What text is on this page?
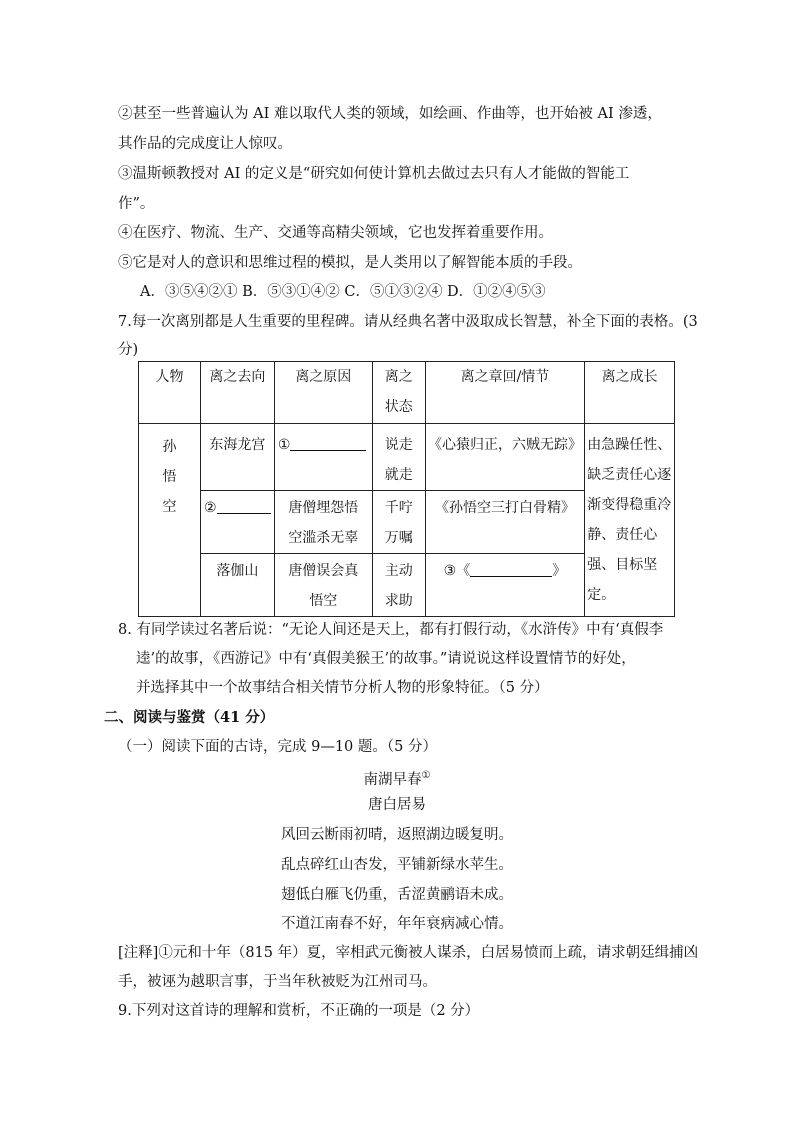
②甚至一些普遍认为 AI 难以取代人类的领域，如绘画、作曲等，也开始被 AI 渗透，
其作品的完成度让人惊叹。
③温斯顿教授对 AI 的定义是“研究如何使计算机去做过去只有人才能做的智能工
作”。
④在医疗、物流、生产、交通等高精尖领域，它也发挥着重要作用。
⑤它是对人的意识和思维过程的模拟，是人类用以了解智能本质的手段。
A．③⑤④②① B．⑤③①④② C．⑤①③②④ D．①②④⑤③
7.每一次离别都是人生重要的里程碑。请从经典名著中汲取成长智慧，补全下面的表格。(3
分)
人物	离之去向	离之原因	离之状态	离之章回/情节	离之成长
孙悟空	东海龙宫	①	说走就走	《心猿归正，六贼无踪》	由急躁任性、缺乏责任心逐渐变得稳重冷静、责任心强、目标坚定。
	②	唐僧埋怨悟空滥杀无辜	千咛万嘱	《孙悟空三打白骨精》	
	落伽山	唐僧误会真悟空	主动求助	③《 》	
8. 有同学读过名著后说：“无论人间还是天上，都有打假行动，《水浒传》中有‘真假李
逵’的故事，《西游记》中有‘真假美猴王’的故事。”请说说这样设置情节的好处，
并选择其中一个故事结合相关情节分析人物的形象特征。（5 分）
二、阅读与鉴赏（41 分）
（一）阅读下面的古诗，完成 9—10 题。（5 分）
南湖早春①
唐白居易
风回云断雨初晴，返照湖边暖复明。
乱点碎红山杏发，平铺新绿水苹生。
翅低白雁飞仍重，舌涩黄鹂语未成。
不道江南春不好，年年衰病减心情。
[注释]①元和十年（815 年）夏，宰相武元衡被人谋杀，白居易愤而上疏，请求朝廷缉捕凶
手，被诬为越职言事，于当年秋被贬为江州司马。
9.下列对这首诗的理解和赏析，不正确的一项是（2 分）
